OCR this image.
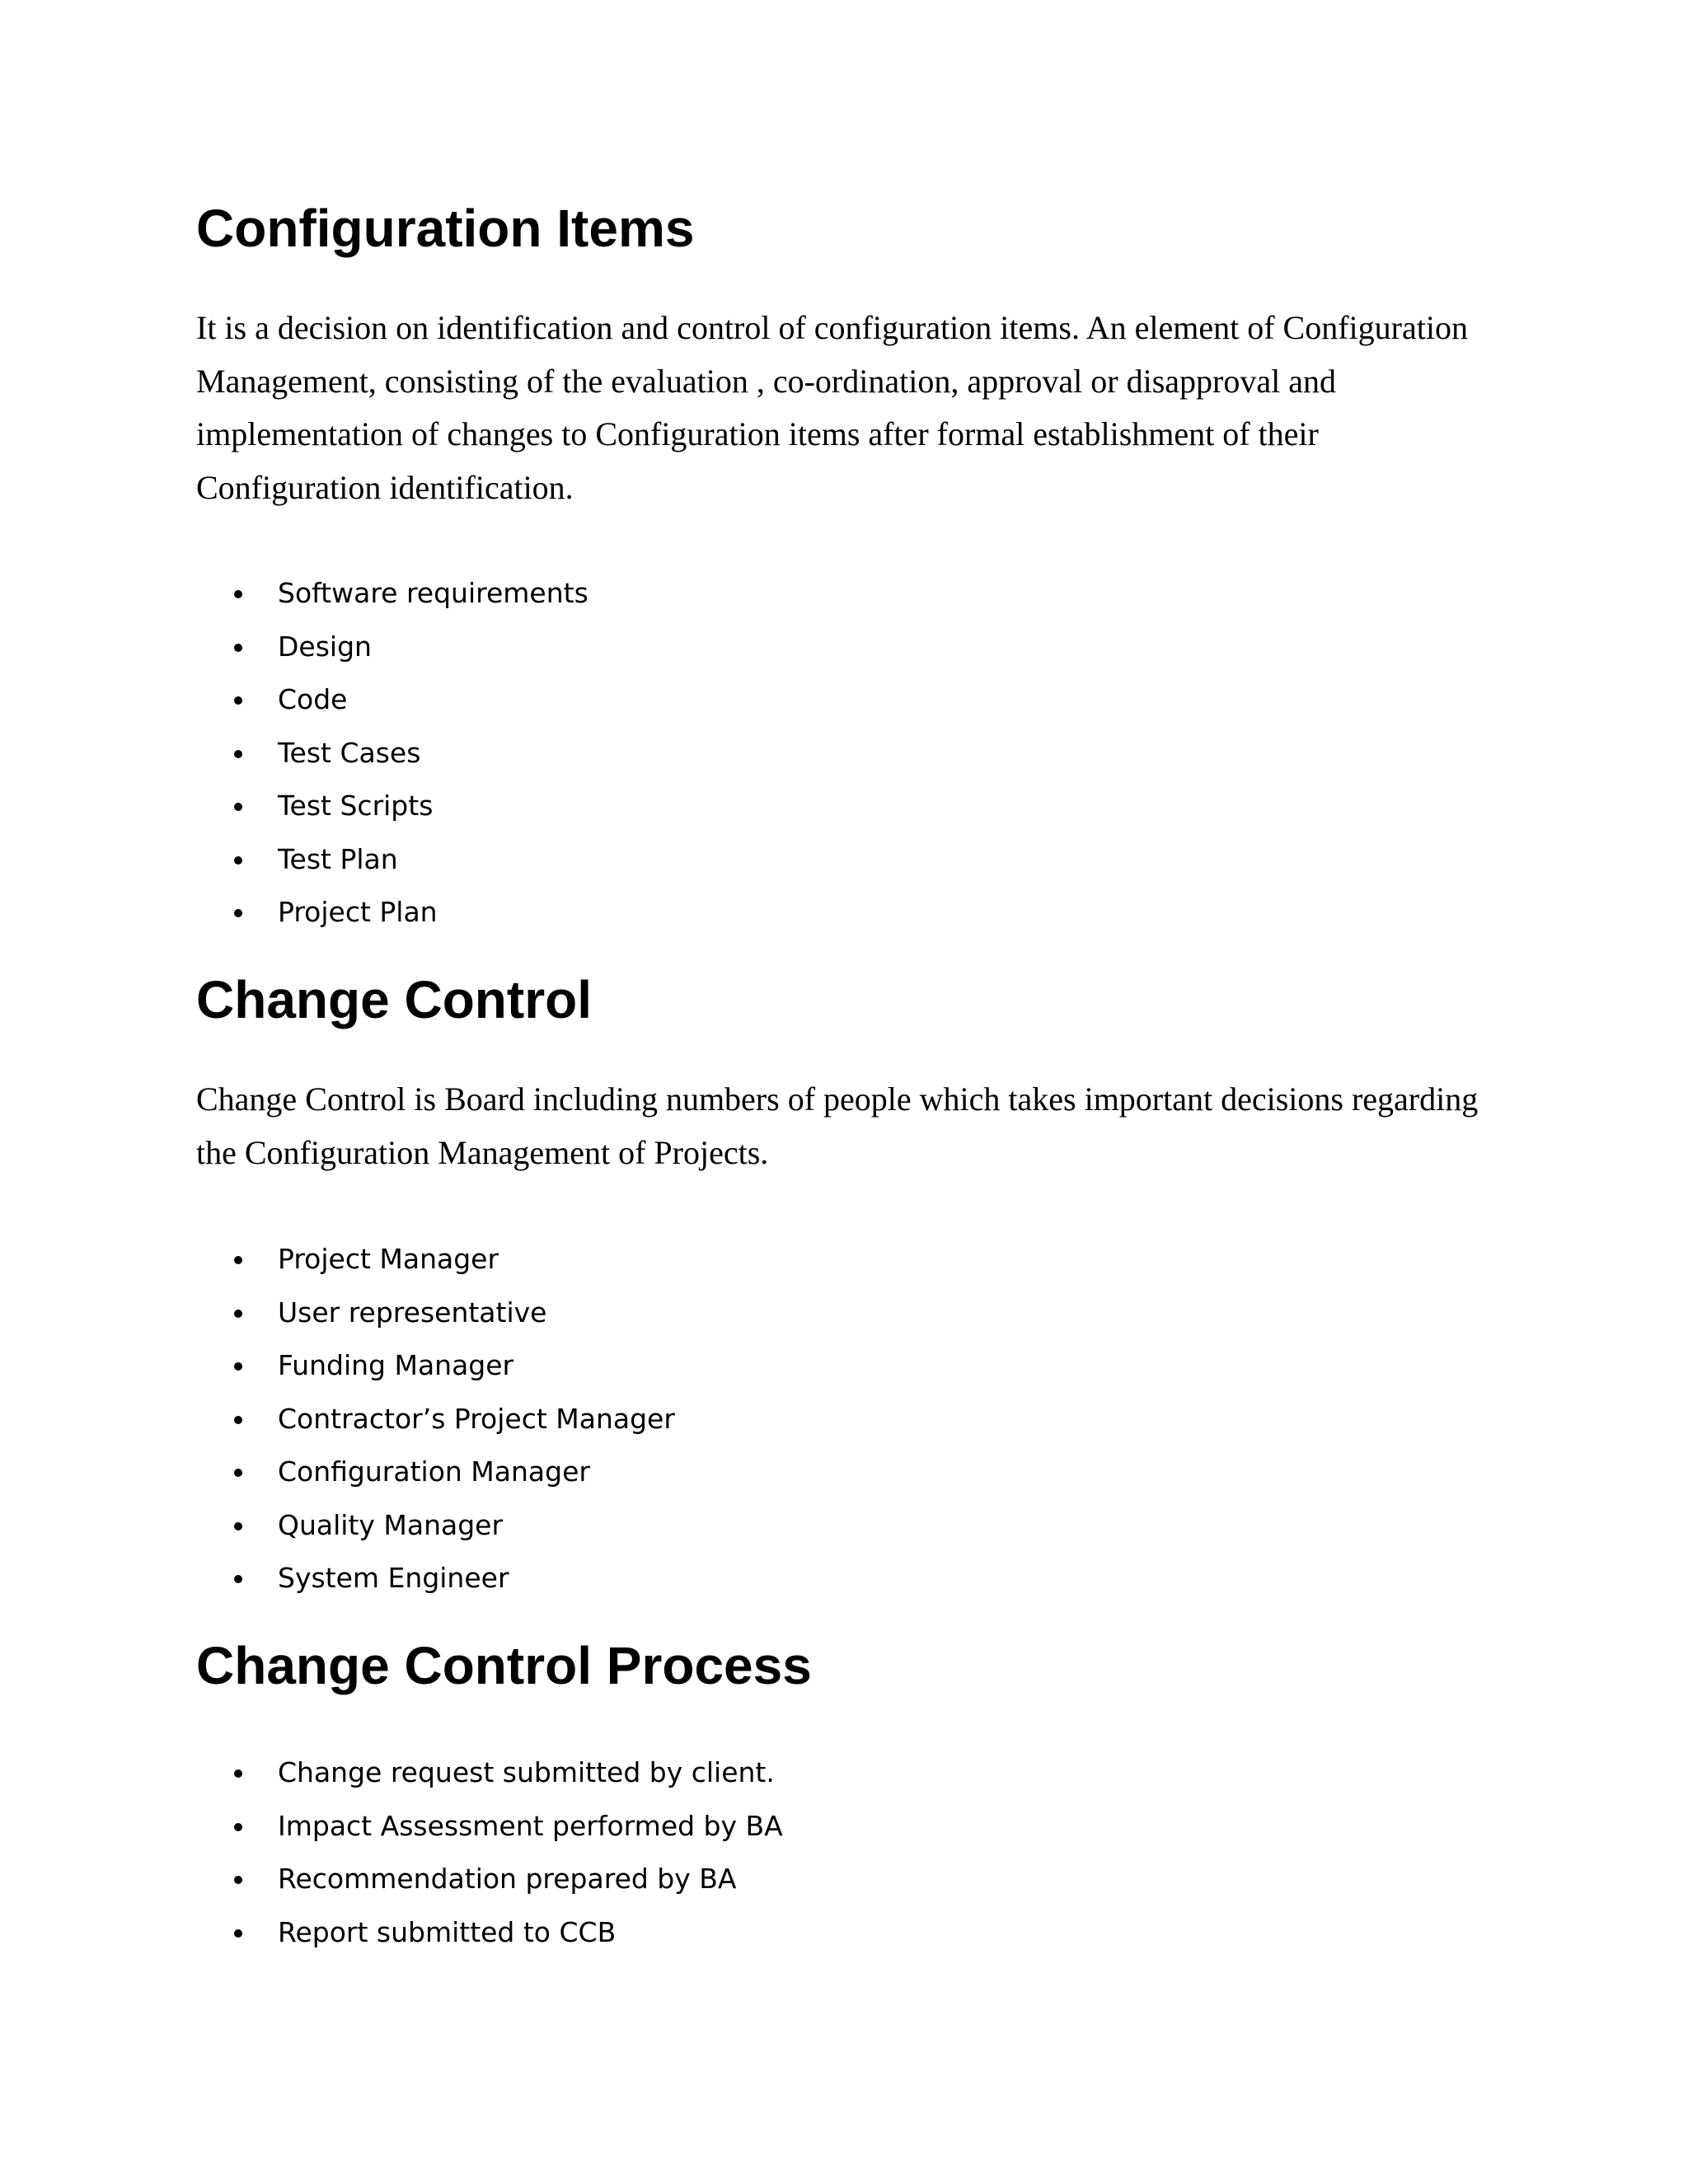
Configuration Items

It is a decision on identification and control of configuration items. An element of Configuration
Management, consisting of the evaluation , co-ordination, approval or disapproval and
implementation of changes to Configuration items after formal establishment of their
Configuration identification.

Software requirements
Design
Code
Test Cases
Test Scripts
Test Plan
Project Plan
Change Control

Change Control is Board including numbers of people which takes important decisions regarding
the Configuration Management of Projects.

Project Manager
User representative
Funding Manager
Contractor’s Project Manager
Configuration Manager
Quality Manager
System Engineer
Change Control Process
Change request submitted by client.
Impact Assessment performed by BA
Recommendation prepared by BA
Report submitted to CCB
